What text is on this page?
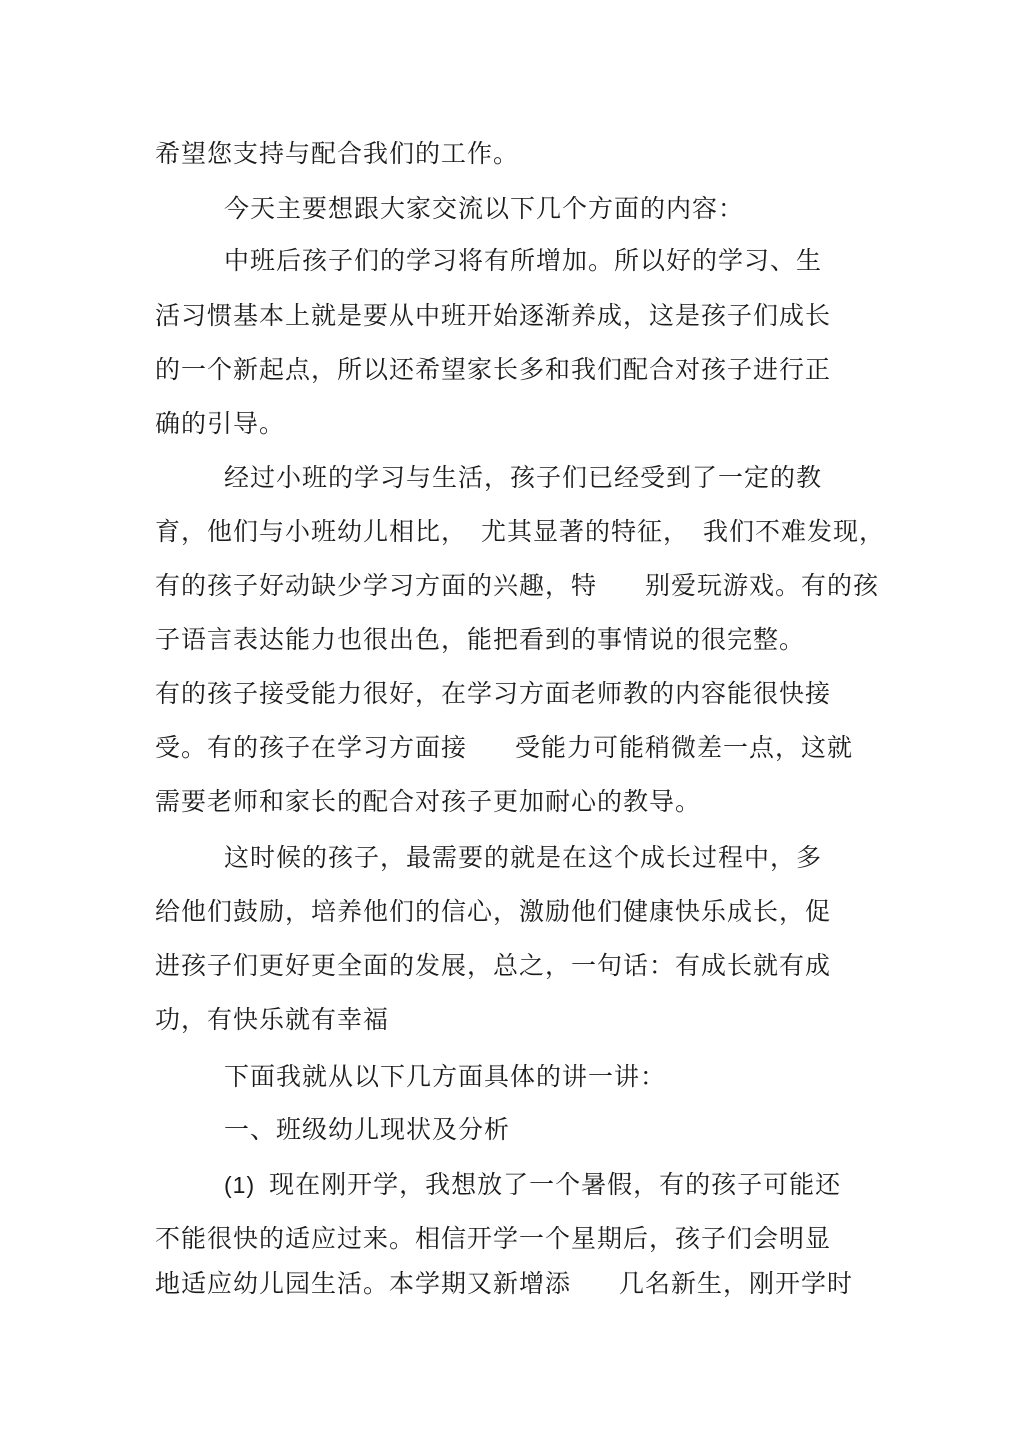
希望您支持与配合我们的工作。
今天主要想跟大家交流以下几个方面的内容：
中班后孩子们的学习将有所增加。所以好的学习、生
活习惯基本上就是要从中班开始逐渐养成，这是孩子们成长
的一个新起点，所以还希望家长多和我们配合对孩子进行正
确的引导。
经过小班的学习与生活，孩子们已经受到了一定的教
育，他们与小班幼儿相比， 尤其显著的特征， 我们不难发现，
有的孩子好动缺少学习方面的兴趣，特 别爱玩游戏。有的孩
子语言表达能力也很出色，能把看到的事情说的很完整。
有的孩子接受能力很好，在学习方面老师教的内容能很快接
受。有的孩子在学习方面接 受能力可能稍微差一点，这就
需要老师和家长的配合对孩子更加耐心的教导。
这时候的孩子，最需要的就是在这个成长过程中，多
给他们鼓励，培养他们的信心，激励他们健康快乐成长，促
进孩子们更好更全面的发展，总之，一句话：有成长就有成
功，有快乐就有幸福
下面我就从以下几方面具体的讲一讲：
一、班级幼儿现状及分析
(1) 现在刚开学，我想放了一个暑假，有的孩子可能还
不能很快的适应过来。相信开学一个星期后，孩子们会明显
地适应幼儿园生活。本学期又新增添 几名新生，刚开学时
